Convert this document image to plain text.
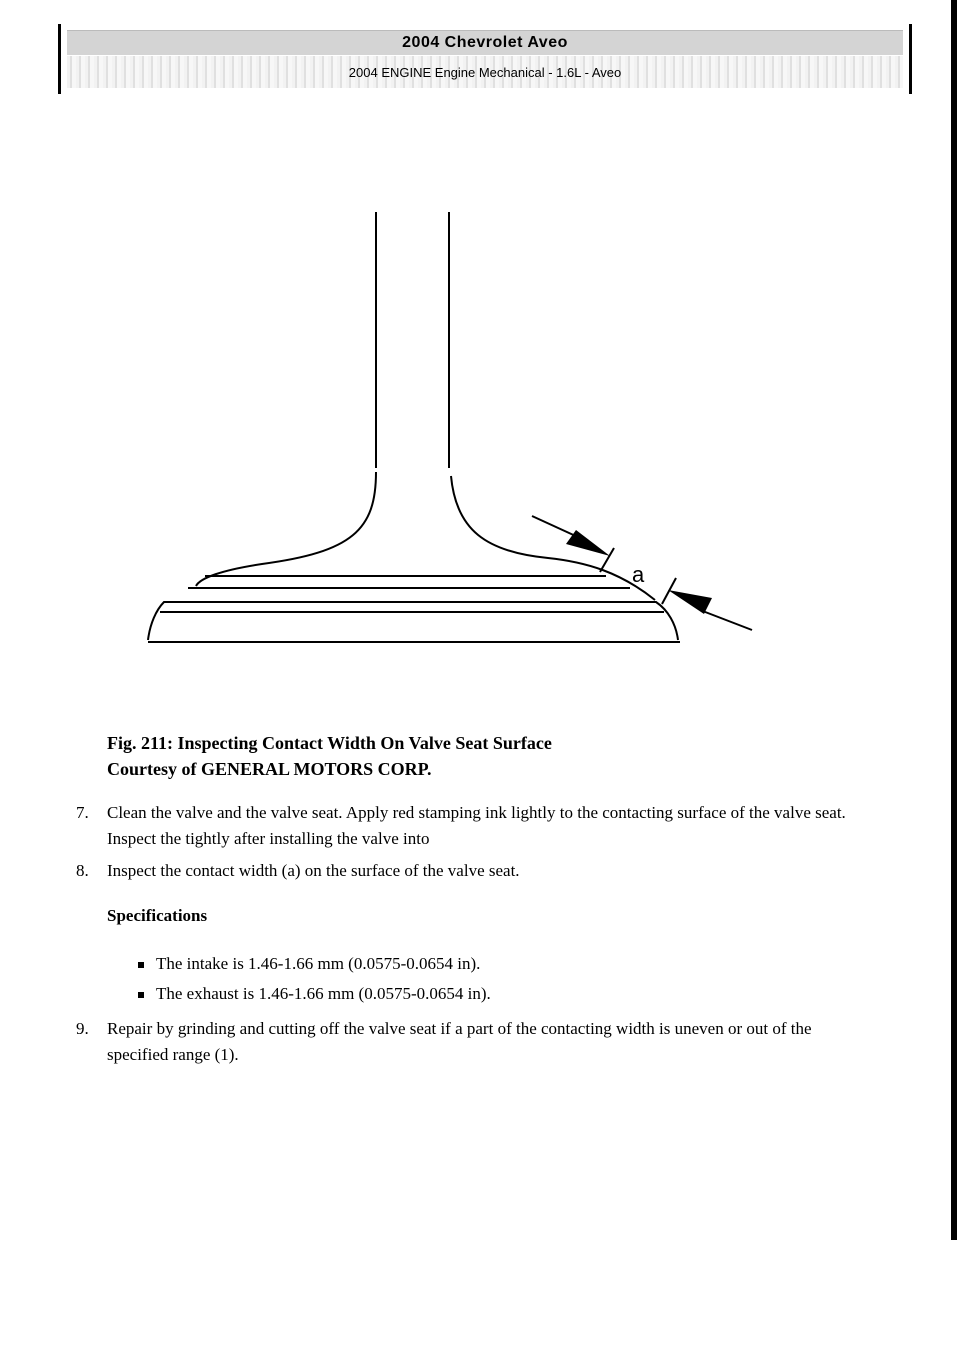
2004 Chevrolet Aveo
2004 ENGINE Engine Mechanical - 1.6L - Aveo
a
Fig. 211: Inspecting Contact Width On Valve Seat Surface
Courtesy of GENERAL MOTORS CORP.
7. Clean the valve and the valve seat. Apply red stamping ink lightly to the contacting surface of the valve seat. Inspect the tightly after installing the valve into
8. Inspect the contact width (a) on the surface of the valve seat.
Specifications
The intake is 1.46-1.66 mm (0.0575-0.0654 in).
The exhaust is 1.46-1.66 mm (0.0575-0.0654 in).
9. Repair by grinding and cutting off the valve seat if a part of the contacting width is uneven or out of the specified range (1).
